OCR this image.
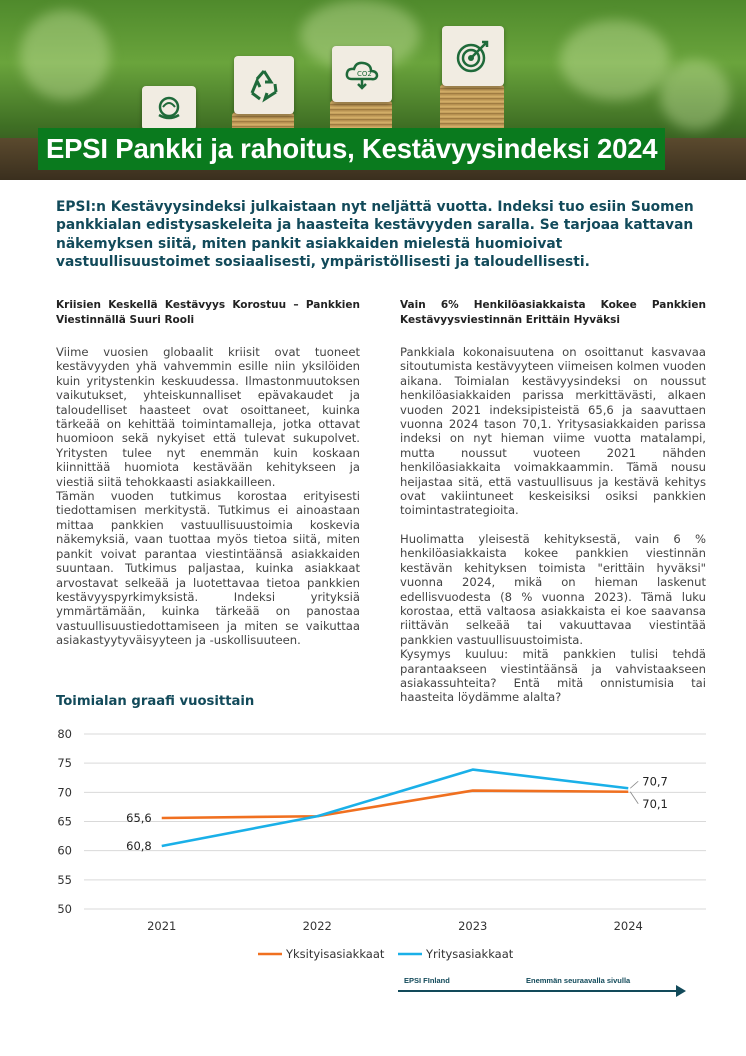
CO2
EPSI Pankki ja rahoitus, Kestävyysindeksi 2024

EPSI:n Kestävyysindeksi julkaistaan nyt neljättä vuotta. Indeksi tuo esiin Suomen pankkialan edistysaskeleita ja haasteita kestävyyden saralla. Se tarjoaa kattavan näkemyksen siitä, miten pankit asiakkaiden mielestä huomioivat vastuullisuustoimet sosiaalisesti, ympäristöllisesti ja taloudellisesti.

Kriisien Keskellä Kestävyys Korostuu – Pankkien Viestinnällä Suuri Rooli

Viime vuosien globaalit kriisit ovat tuoneet kestävyyden yhä vahvemmin esille niin yksilöiden kuin yritystenkin keskuudessa. Ilmastonmuutoksen vaikutukset, yhteiskunnalliset epävakaudet ja taloudelliset haasteet ovat osoittaneet, kuinka tärkeää on kehittää toimintamalleja, jotka ottavat huomioon sekä nykyiset että tulevat sukupolvet. Yritysten tulee nyt enemmän kuin koskaan kiinnittää huomiota kestävään kehitykseen ja viestiä siitä tehokkaasti asiakkailleen.

Tämän vuoden tutkimus korostaa erityisesti tiedottamisen merkitystä. Tutkimus ei ainoastaan mittaa pankkien vastuullisuustoimia koskevia näkemyksiä, vaan tuottaa myös tietoa siitä, miten pankit voivat parantaa viestintäänsä asiakkaiden suuntaan. Tutkimus paljastaa, kuinka asiakkaat arvostavat selkeää ja luotettavaa tietoa pankkien kestävyyspyrkimyksistä. Indeksi yrityksiä ymmärtämään, kuinka tärkeää on panostaa vastuullisuustiedottamiseen ja miten se vaikuttaa asiakastyytyväisyyteen ja -uskollisuuteen.

Vain 6% Henkilöasiakkaista Kokee Pankkien Kestävyysviestinnän Erittäin Hyväksi

Pankkiala kokonaisuutena on osoittanut kasvavaa sitoutumista kestävyyteen viimeisen kolmen vuoden aikana. Toimialan kestävyysindeksi on noussut henkilöasiakkaiden parissa merkittävästi, alkaen vuoden 2021 indeksipisteistä 65,6 ja saavuttaen vuonna 2024 tason 70,1. Yritysasiakkaiden parissa indeksi on nyt hieman viime vuotta matalampi, mutta noussut vuoteen 2021 nähden henkilöasiakkaita voimakkaammin. Tämä nousu heijastaa sitä, että vastuullisuus ja kestävä kehitys ovat vakiintuneet keskeisiksi osiksi pankkien toimintastrategioita.

Huolimatta yleisestä kehityksestä, vain 6 % henkilöasiakkaista kokee pankkien viestinnän kestävän kehityksen toimista "erittäin hyväksi" vuonna 2024, mikä on hieman laskenut edellisvuodesta (8 % vuonna 2023). Tämä luku korostaa, että valtaosa asiakkaista ei koe saavansa riittävän selkeää tai vakuuttavaa viestintää pankkien vastuullisuustoimista.

Kysymys kuuluu: mitä pankkien tulisi tehdä parantaakseen viestintäänsä ja vahvistaakseen asiakassuhteita? Entä mitä onnistumisia tai haasteita löydämme alalta?

Toimialan graafi vuosittain
80
75
70
65
60
55
50
2021	2022	2023	2024
65,6
70,1
60,8
70,7
Yksityisasiakkaat	Yritysasiakkaat
EPSI FInland	Enemmän seuraavalla sivulla
